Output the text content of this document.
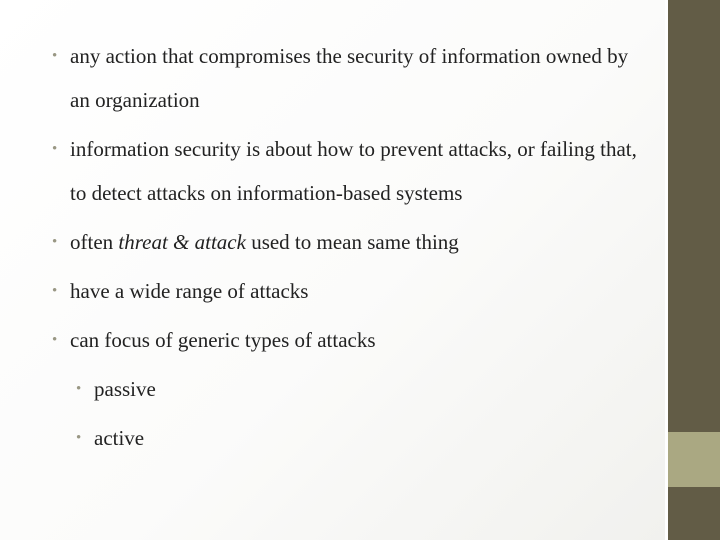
• any action that compromises the security of information owned by an organization
• information security is about how to prevent attacks, or failing that, to detect attacks on information-based systems
• often threat & attack used to mean same thing
• have a wide range of attacks
• can focus of generic types of attacks
• passive
• active
